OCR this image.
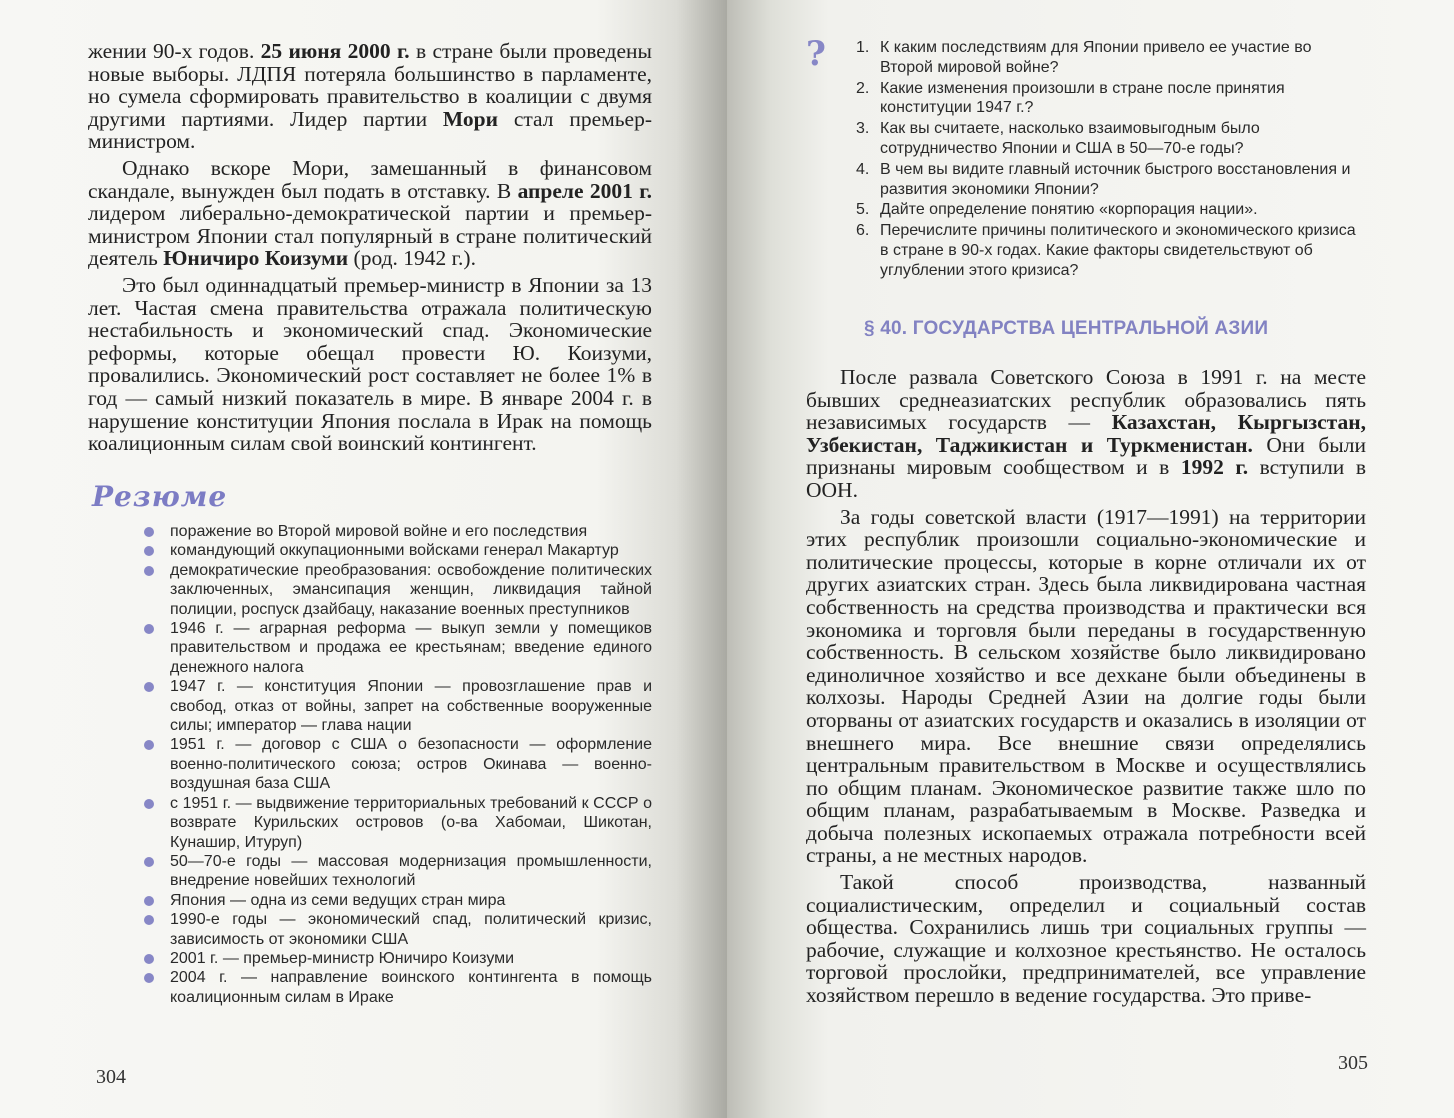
жении 90-х годов. 25 июня 2000 г. в стране были проведены новые выборы. ЛДПЯ потеряла большинство в парламенте, но сумела сформировать правительство в коалиции с двумя другими партиями. Лидер партии Мори стал премьер-министром.

Однако вскоре Мори, замешанный в финансовом скандале, вынужден был подать в отставку. В апреле 2001 г. лидером либерально-демократической партии и премьер-министром Японии стал популярный в стране политический деятель Юничиро Коизуми (род. 1942 г.).

Это был одиннадцатый премьер-министр в Японии за 13 лет. Частая смена правительства отражала политическую нестабильность и экономический спад. Экономические реформы, которые обещал провести Ю. Коизуми, провалились. Экономический рост составляет не более 1% в год — самый низкий показатель в мире. В январе 2004 г. в нарушение конституции Япония послала в Ирак на помощь коалиционным силам свой воинский контингент.

Резюме
поражение во Второй мировой войне и его последствия
командующий оккупационными войсками генерал Макартур
демократические преобразования: освобождение политических заключенных, эмансипация женщин, ликвидация тайной полиции, роспуск дзайбацу, наказание военных преступников
1946 г. — аграрная реформа — выкуп земли у помещиков правительством и продажа ее крестьянам; введение единого денежного налога
1947 г. — конституция Японии — провозглашение прав и свобод, отказ от войны, запрет на собственные вооруженные силы; император — глава нации
1951 г. — договор с США о безопасности — оформление военно-политического союза; остров Окинава — военно-воздушная база США
с 1951 г. — выдвижение территориальных требований к СССР о возврате Курильских островов (о-ва Хабомаи, Шикотан, Кунашир, Итуруп)
50—70-е годы — массовая модернизация промышленности, внедрение новейших технологий
Япония — одна из семи ведущих стран мира
1990-е годы — экономический спад, политический кризис, зависимость от экономики США
2001 г. — премьер-министр Юничиро Коизуми
2004 г. — направление воинского контингента в помощь коалиционным силам в Ираке
304
? 1. К каким последствиям для Японии привело ее участие во Второй мировой войне?
2. Какие изменения произошли в стране после принятия конституции 1947 г.?
3. Как вы считаете, насколько взаимовыгодным было сотрудничество Японии и США в 50—70-е годы?
4. В чем вы видите главный источник быстрого восстановления и развития экономики Японии?
5. Дайте определение понятию «корпорация нации».
6. Перечислите причины политического и экономического кризиса в стране в 90-х годах. Какие факторы свидетельствуют об углублении этого кризиса?
§ 40. ГОСУДАРСТВА ЦЕНТРАЛЬНОЙ АЗИИ

После развала Советского Союза в 1991 г. на месте бывших среднеазиатских республик образовались пять независимых государств — Казахстан, Кыргызстан, Узбекистан, Таджикистан и Туркменистан. Они были признаны мировым сообществом и в 1992 г. вступили в ООН.

За годы советской власти (1917—1991) на территории этих республик произошли социально-экономические и политические процессы, которые в корне отличали их от других азиатских стран. Здесь была ликвидирована частная собственность на средства производства и практически вся экономика и торговля были переданы в государственную собственность. В сельском хозяйстве было ликвидировано единоличное хозяйство и все дехкане были объединены в колхозы. Народы Средней Азии на долгие годы были оторваны от азиатских государств и оказались в изоляции от внешнего мира. Все внешние связи определялись центральным правительством в Москве и осуществлялись по общим планам. Экономическое развитие также шло по общим планам, разрабатываемым в Москве. Разведка и добыча полезных ископаемых отражала потребности всей страны, а не местных народов.

Такой способ производства, названный социалистическим, определил и социальный состав общества. Сохранились лишь три социальных группы — рабочие, служащие и колхозное крестьянство. Не осталось торговой прослойки, предпринимателей, все управление хозяйством перешло в ведение государства. Это приве-

305
